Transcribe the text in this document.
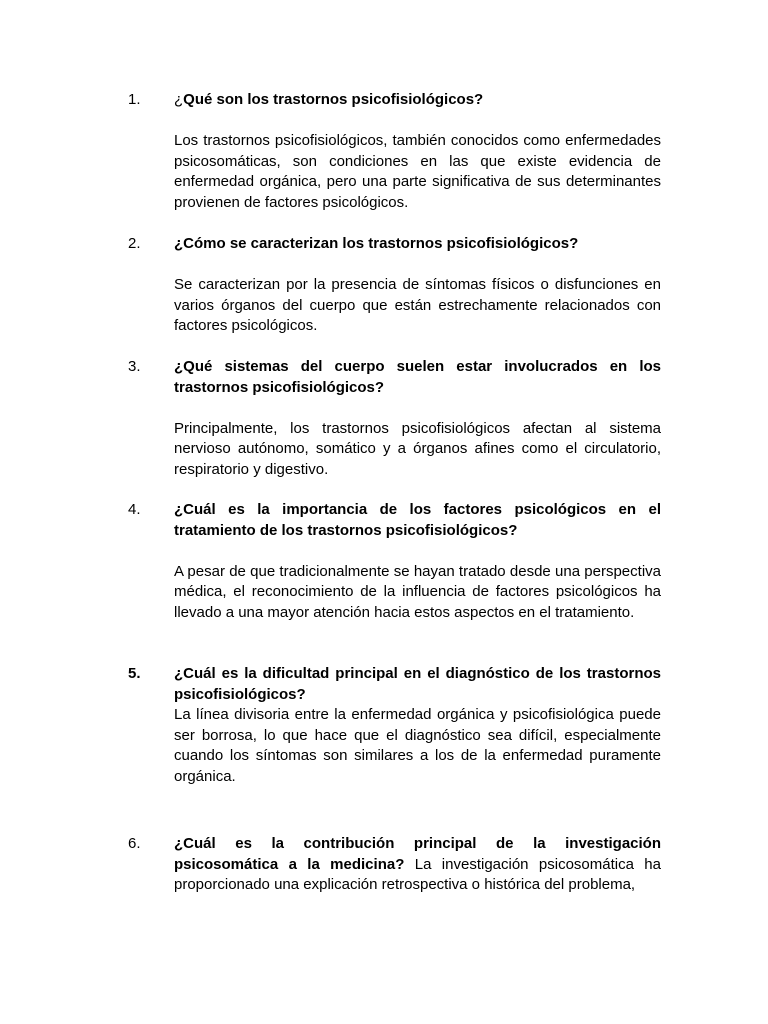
1. ¿Qué son los trastornos psicofisiológicos?

Los trastornos psicofisiológicos, también conocidos como enfermedades psicosomáticas, son condiciones en las que existe evidencia de enfermedad orgánica, pero una parte significativa de sus determinantes provienen de factores psicológicos.

2. ¿Cómo se caracterizan los trastornos psicofisiológicos?

Se caracterizan por la presencia de síntomas físicos o disfunciones en varios órganos del cuerpo que están estrechamente relacionados con factores psicológicos.

3. ¿Qué sistemas del cuerpo suelen estar involucrados en los trastornos psicofisiológicos?

Principalmente, los trastornos psicofisiológicos afectan al sistema nervioso autónomo, somático y a órganos afines como el circulatorio, respiratorio y digestivo.

4. ¿Cuál es la importancia de los factores psicológicos en el tratamiento de los trastornos psicofisiológicos?

A pesar de que tradicionalmente se hayan tratado desde una perspectiva médica, el reconocimiento de la influencia de factores psicológicos ha llevado a una mayor atención hacia estos aspectos en el tratamiento.

5. ¿Cuál es la dificultad principal en el diagnóstico de los trastornos psicofisiológicos?

La línea divisoria entre la enfermedad orgánica y psicofisiológica puede ser borrosa, lo que hace que el diagnóstico sea difícil, especialmente cuando los síntomas son similares a los de la enfermedad puramente orgánica.

6. ¿Cuál es la contribución principal de la investigación psicosomática a la medicina? La investigación psicosomática ha proporcionado una explicación retrospectiva o histórica del problema,
